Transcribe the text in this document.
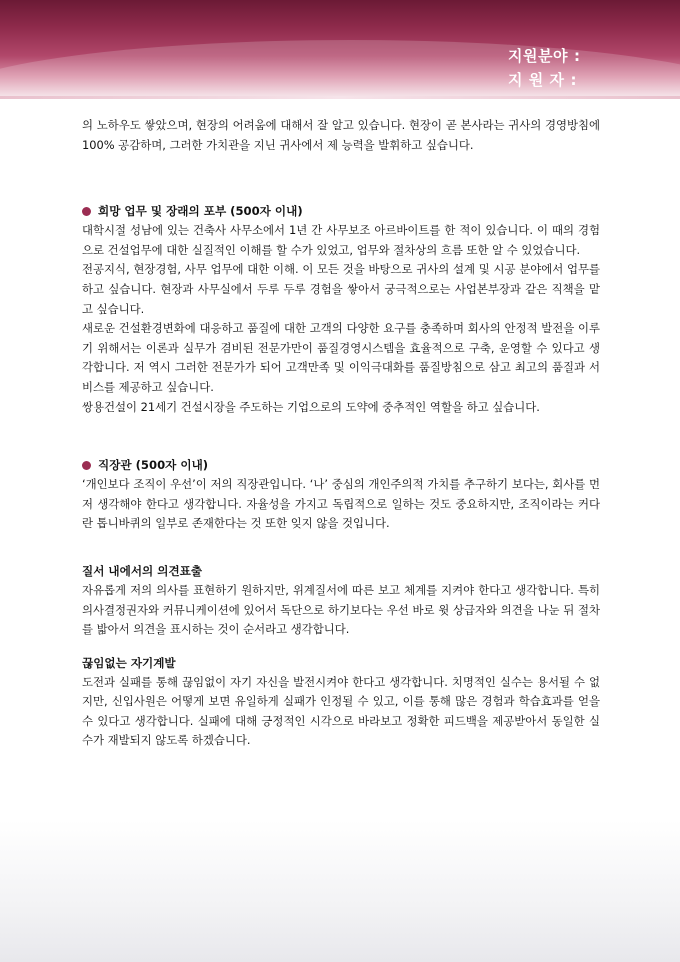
지원분야 :
지 원 자 :

의 노하우도 쌓았으며, 현장의 어려움에 대해서 잘 알고 있습니다. 현장이 곧 본사라는 귀사의 경영방침에 100% 공감하며, 그러한 가치관을 지닌 귀사에서 제 능력을 발휘하고 싶습니다.

희망 업무 및 장래의 포부 (500자 이내)

대학시절 성남에 있는 건축사 사무소에서 1년 간 사무보조 아르바이트를 한 적이 있습니다. 이 때의 경험으로 건설업무에 대한 실질적인 이해를 할 수가 있었고, 업무와 절차상의 흐름 또한 알 수 있었습니다.

전공지식, 현장경험, 사무 업무에 대한 이해. 이 모든 것을 바탕으로 귀사의 설계 및 시공 분야에서 업무를 하고 싶습니다. 현장과 사무실에서 두루 두루 경험을 쌓아서 궁극적으로는 사업본부장과 같은 직책을 맡고 싶습니다.

새로운 건설환경변화에 대응하고 품질에 대한 고객의 다양한 요구를 충족하며 회사의 안정적 발전을 이루기 위해서는 이론과 실무가 겸비된 전문가만이 품질경영시스템을 효율적으로 구축, 운영할 수 있다고 생각합니다. 저 역시 그러한 전문가가 되어 고객만족 및 이익극대화를 품질방침으로 삼고 최고의 품질과 서비스를 제공하고 싶습니다.

쌍용건설이 21세기 건설시장을 주도하는 기업으로의 도약에 중추적인 역할을 하고 싶습니다.

직장관 (500자 이내)

‘개인보다 조직이 우선’이 저의 직장관입니다. ‘나’ 중심의 개인주의적 가치를 추구하기 보다는, 회사를 먼저 생각해야 한다고 생각합니다. 자율성을 가지고 독립적으로 일하는 것도 중요하지만, 조직이라는 커다란 톱니바퀴의 일부로 존재한다는 것 또한 잊지 않을 것입니다.

질서 내에서의 의견표출

자유롭게 저의 의사를 표현하기 원하지만, 위계질서에 따른 보고 체계를 지켜야 한다고 생각합니다. 특히 의사결정권자와 커뮤니케이션에 있어서 독단으로 하기보다는 우선 바로 윗 상급자와 의견을 나눈 뒤 절차를 밟아서 의견을 표시하는 것이 순서라고 생각합니다.

끊임없는 자기계발

도전과 실패를 통해 끊임없이 자기 자신을 발전시켜야 한다고 생각합니다. 치명적인 실수는 용서될 수 없지만, 신입사원은 어떻게 보면 유일하게 실패가 인정될 수 있고, 이를 통해 많은 경험과 학습효과를 얻을 수 있다고 생각합니다. 실패에 대해 긍정적인 시각으로 바라보고 정확한 피드백을 제공받아서 동일한 실수가 재발되지 않도록 하겠습니다.
